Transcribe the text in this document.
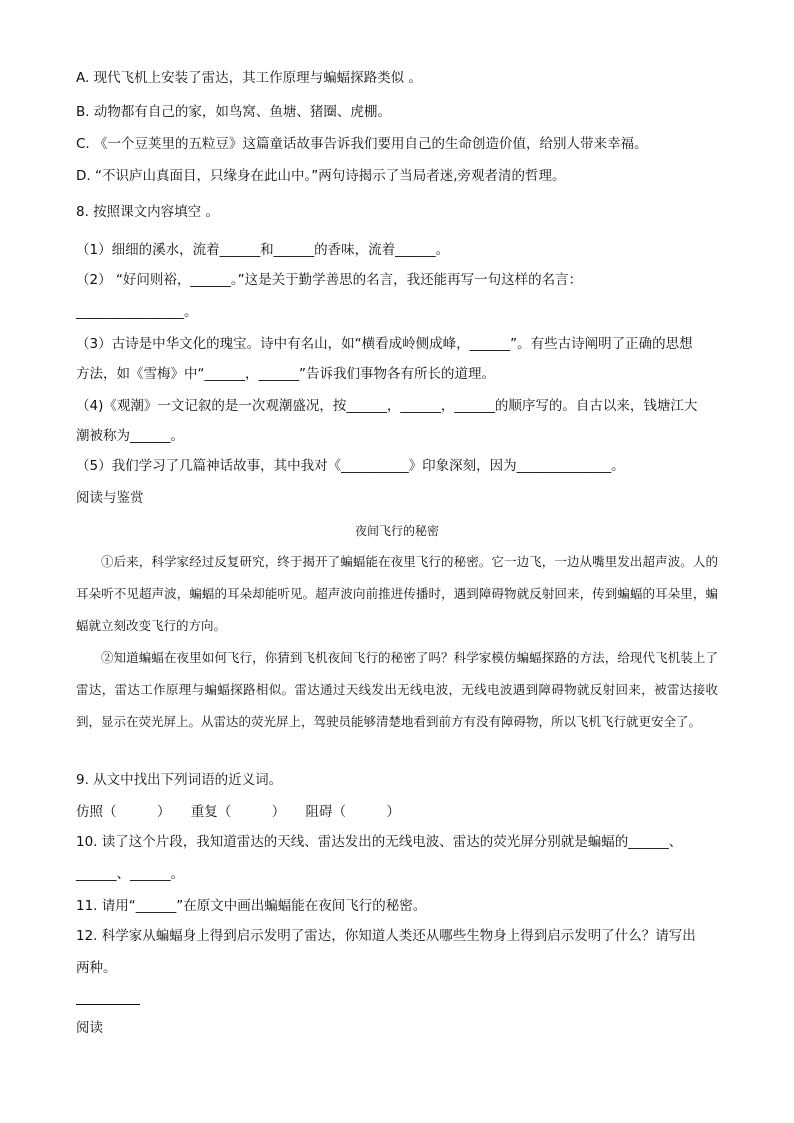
A. 现代飞机上安装了雷达，其工作原理与蝙蝠探路类似 。
B. 动物都有自己的家，如鸟窝、鱼塘、猪圈、虎棚。
C. 《一个豆荚里的五粒豆》这篇童话故事告诉我们要用自己的生命创造价值，给别人带来幸福。
D. “不识庐山真面目，只缘身在此山中。”两句诗揭示了当局者迷,旁观者清的哲理。
8. 按照课文内容填空 。
（1）细细的溪水，流着______和______的香味，流着______。
（2） “好问则裕，______。”这是关于勤学善思的名言，我还能再写一句这样的名言：
________________。
（3）古诗是中华文化的瑰宝。诗中有名山，如“横看成岭侧成峰，______”。有些古诗阐明了正确的思想
方法，如《雪梅》中“______，______”告诉我们事物各有所长的道理。
（4)《观潮》一文记叙的是一次观潮盛况，按______，______，______的顺序写的。自古以来，钱塘江大
潮被称为______。
（5）我们学习了几篇神话故事，其中我对《__________》印象深刻，因为______________。
阅读与鉴赏
夜间飞行的秘密
①后来，科学家经过反复研究，终于揭开了蝙蝠能在夜里飞行的秘密。它一边飞，一边从嘴里发出超声波。人的耳朵听不见超声波，蝙蝠的耳朵却能听见。超声波向前推进传播时，遇到障碍物就反射回来，传到蝙蝠的耳朵里，蝙蝠就立刻改变飞行的方向。
②知道蝙蝠在夜里如何飞行，你猜到飞机夜间飞行的秘密了吗？科学家模仿蝙蝠探路的方法，给现代飞机装上了雷达，雷达工作原理与蝙蝠探路相似。雷达通过天线发出无线电波，无线电波遇到障碍物就反射回来，被雷达接收到，显示在荧光屏上。从雷达的荧光屏上，驾驶员能够清楚地看到前方有没有障碍物，所以飞机飞行就更安全了。
9. 从文中找出下列词语的近义词。
仿照（　　　）　　重复（　　　）　　阻碍（　　　）
10. 读了这个片段，我知道雷达的天线、雷达发出的无线电波、雷达的荧光屏分别就是蝙蝠的______、
______、______。
11. 请用“______”在原文中画出蝙蝠能在夜间飞行的秘密。
12. 科学家从蝙蝠身上得到启示发明了雷达，你知道人类还从哪些生物身上得到启示发明了什么？请写出
两种。
阅读
